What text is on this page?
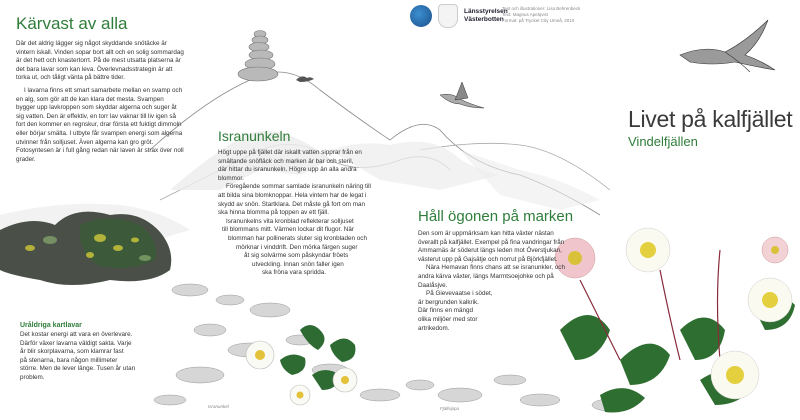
Länsstyrelsen
Västerbotten
Text och illustrationer: Lisa Behrenbeck
Text: Magnus Apelqvist
Format: på Trycket City Umeå, 2010
Livet på kalfjället
Vindelfjällen
Kärvast av alla

Där det aldrig lägger sig något skyddande snötäcke är vintern iskall. Vinden sopar bort allt och en solig sommardag är det hett och knastertorrt. På de mest utsatta platserna är det bara lavar som kan leva. Överlevnadsstrategin är att torka ut, och tåligt vänta på bättre tider.

I lavarna finns ett smart samarbete mellan en svamp och en alg, som gör att de kan klara det mesta. Svampen bygger upp lavkroppen som skyddar algerna och suger åt sig vatten. Den är effektiv, en torr lav vaknar till liv igen så fort den kommer en regnskur, drar första ett fuktigt dimmoln eller börjar smälta. I utbyte får svampen energi som algerna utvinner från solljuset. Även algerna kan gro gröt. Fotosyntesen är i full gång redan när laven är strax över noll grader.

Uråldriga kartlavar
Det kostar energi att vara en överlevare.
Därför växer lavarna väldigt sakta. Varje
år blir skorplavarna, som klamrar fast
på stenarna, bara någon millimeter
större. Men de lever länge. Tusen år utan
problem.
Isranunkeln
Högt uppe på fjället där iskallt vatten sipprar från en
smältande snöfläck och marken är bar och steril,
där hittar du isranunkeln. Högre upp än alla andra
blommor.
Föregående sommar samlade isranunkeln näring till
att bilda sina blomknoppar. Hela vintern har de legat i
skydd av snön. Startklara. Det måste gå fort om man
ska hinna blomma på toppen av ett fjäll.
Isranunkelns vita kronblad reflekterar solljuset
till blommans mitt. Värmen lockar dit flugor. När
blomman har pollinerats sluter sig kronbladen och
mörknar i vinddrift. Den mörka färgen suger
åt sig solvärme som påskyndar fröets
utveckling. Innan snön faller igen
ska fröna vara spridda.
Håll ögonen på marken
Den som är uppmärksam kan hitta växter nästan
överallt på kalfjället. Exempel på fina vandringar från
Ammarnäs är söderut längs leden mot Överstjukan,
västerut upp på Gajsätje och norrut på Björkfjället.
Nära Hemavan finns chans att se isranunkler, och
andra kärva växter, längs Marmtsoejohke och på
Daalåsjve.
På Gievevaatse i södet,
är bergrunden kalkrik.
Där finns en mängd
olika miljöer med stor
artrikedom.
Isranunkel	Fjällsippa
